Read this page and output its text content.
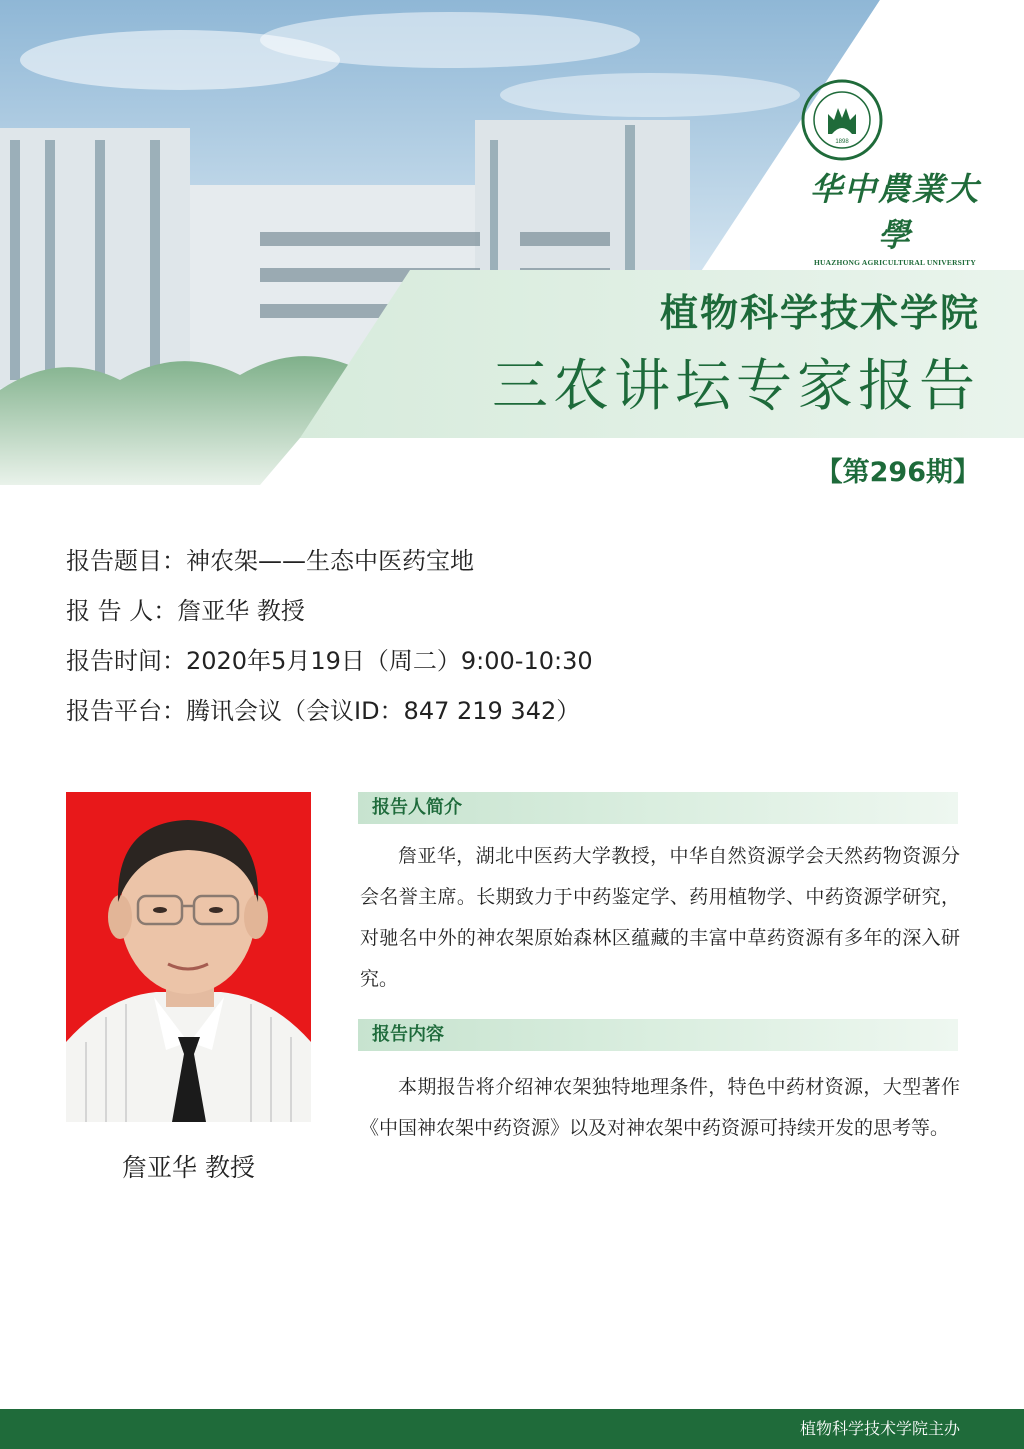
1898
华中農業大學
HUAZHONG AGRICULTURAL UNIVERSITY
植物科学技术学院
三农讲坛专家报告
【第296期】
报告题目：神农架——生态中医药宝地
报 告 人：詹亚华 教授
报告时间：2020年5月19日（周二）9:00-10:30
报告平台：腾讯会议（会议ID：847 219 342）
詹亚华 教授
报告人简介
詹亚华，湖北中医药大学教授，中华自然资源学会天然药物资源分会名誉主席。长期致力于中药鉴定学、药用植物学、中药资源学研究，对驰名中外的神农架原始森林区蕴藏的丰富中草药资源有多年的深入研究。
报告内容
本期报告将介绍神农架独特地理条件，特色中药材资源，大型著作《中国神农架中药资源》以及对神农架中药资源可持续开发的思考等。
植物科学技术学院主办
